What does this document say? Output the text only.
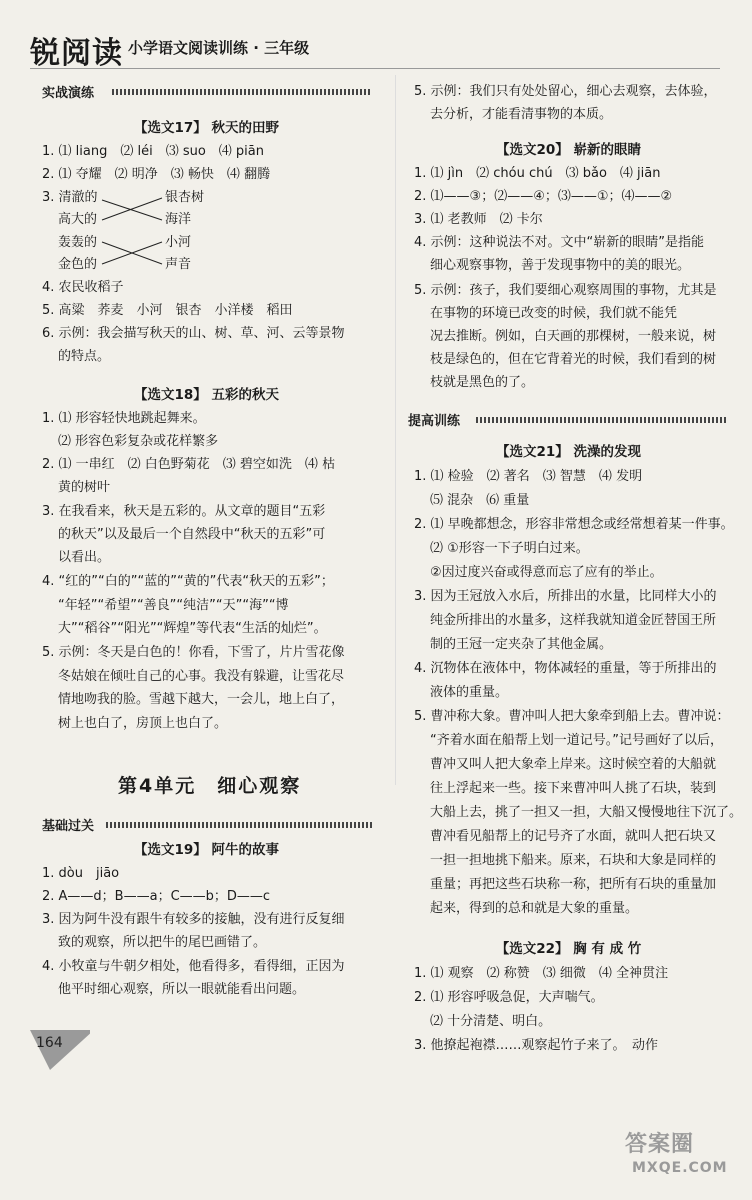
锐阅读 小学语文阅读训练 · 三年级
实战演练
【选文17】 秋天的田野
1. ⑴ liang　⑵ léi　⑶ suo　⑷ piān
2. ⑴ 夺耀　⑵ 明净　⑶ 畅快　⑷ 翻腾
3. 清澈的
高大的
轰轰的
金色的
银杏树
海洋
小河
声音
4. 农民收稻子
5. 高粱　荞麦　小河　银杏　小洋楼　稻田
6. 示例：我会描写秋天的山、树、草、河、云等景物
的特点。
【选文18】 五彩的秋天
1. ⑴ 形容轻快地跳起舞来。
⑵ 形容色彩复杂或花样繁多
2. ⑴ 一串红　⑵ 白色野菊花　⑶ 碧空如洗　⑷ 枯
黄的树叶
3. 在我看来，秋天是五彩的。从文章的题目“五彩
的秋天”以及最后一个自然段中“秋天的五彩”可
以看出。
4. “红的”“白的”“蓝的”“黄的”代表“秋天的五彩”；
“年轻”“希望”“善良”“纯洁”“天”“海”“博
大”“稻谷”“阳光”“辉煌”等代表“生活的灿烂”。
5. 示例：冬天是白色的！你看，下雪了，片片雪花像
冬姑娘在倾吐自己的心事。我没有躲避，让雪花尽
情地吻我的脸。雪越下越大，一会儿，地上白了，
树上也白了，房顶上也白了。
第4单元　细心观察
基础过关
【选文19】 阿牛的故事
1. dòu　jiāo
2. A——d；B——a；C——b；D——c
3. 因为阿牛没有跟牛有较多的接触，没有进行反复细
致的观察，所以把牛的尾巴画错了。
4. 小牧童与牛朝夕相处，他看得多，看得细，正因为
他平时细心观察，所以一眼就能看出问题。
164
5. 示例：我们只有处处留心，细心去观察，去体验，
去分析，才能看清事物的本质。
【选文20】 崭新的眼睛
1. ⑴ jìn　⑵ chóu chú　⑶ bǎo　⑷ jiān
2. ⑴——③；⑵——④；⑶——①；⑷——②
3. ⑴ 老教师　⑵ 卡尔
4. 示例：这种说法不对。文中“崭新的眼睛”是指能
细心观察事物，善于发现事物中的美的眼光。
5. 示例：孩子，我们要细心观察周围的事物，尤其是
在事物的环境已改变的时候，我们就不能凭
况去推断。例如，白天画的那棵树，一般来说，树
枝是绿色的，但在它背着光的时候，我们看到的树
枝就是黑色的了。
提高训练
【选文21】 洗澡的发现
1. ⑴ 检验　⑵ 著名　⑶ 智慧　⑷ 发明
⑸ 混杂　⑹ 重量
2. ⑴ 早晚都想念，形容非常想念或经常想着某一件事。
⑵ ①形容一下子明白过来。
②因过度兴奋或得意而忘了应有的举止。
3. 因为王冠放入水后，所排出的水量，比同样大小的
纯金所排出的水量多，这样我就知道金匠替国王所
制的王冠一定夹杂了其他金属。
4. 沉物体在液体中，物体减轻的重量，等于所排出的
液体的重量。
5. 曹冲称大象。曹冲叫人把大象牵到船上去。曹冲说：
“齐着水面在船帮上划一道记号。”记号画好了以后，
曹冲又叫人把大象牵上岸来。这时候空着的大船就
往上浮起来一些。接下来曹冲叫人挑了石块，装到
大船上去，挑了一担又一担，大船又慢慢地往下沉了。
曹冲看见船帮上的记号齐了水面，就叫人把石块又
一担一担地挑下船来。原来，石块和大象是同样的
重量；再把这些石块称一称，把所有石块的重量加
起来，得到的总和就是大象的重量。
【选文22】 胸 有 成 竹
1. ⑴ 观察　⑵ 称赞　⑶ 细微　⑷ 全神贯注
2. ⑴ 形容呼吸急促，大声喘气。
⑵ 十分清楚、明白。
3. 他撩起袍襟……观察起竹子来了。　动作
答案圈
MXQE.COM
